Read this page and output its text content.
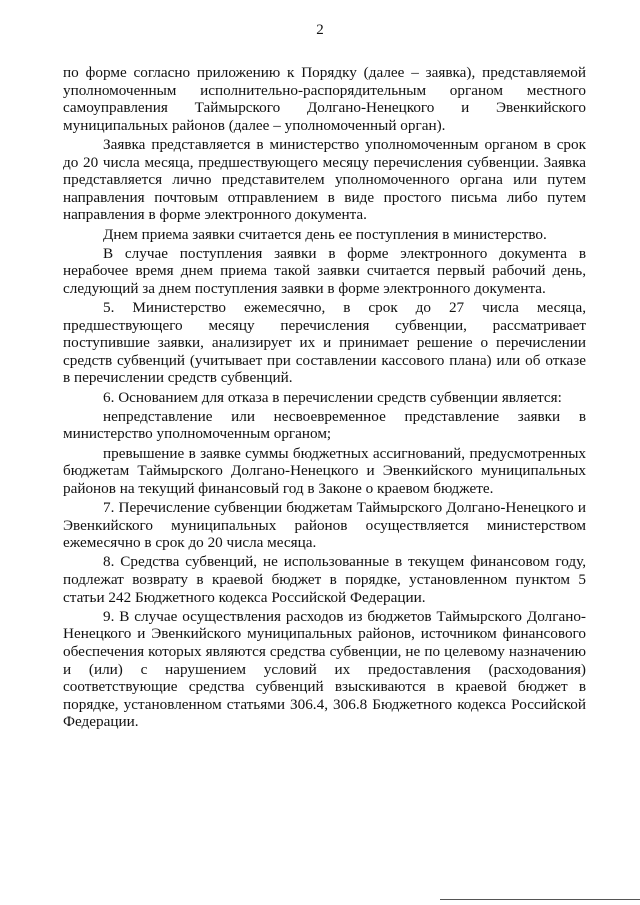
2

по форме согласно приложению к Порядку (далее – заявка), представляемой уполномоченным исполнительно-распорядительным органом местного самоуправления Таймырского Долгано-Ненецкого и Эвенкийского муниципальных районов (далее – уполномоченный орган).

Заявка представляется в министерство уполномоченным органом в срок до 20 числа месяца, предшествующего месяцу перечисления субвенции. Заявка представляется лично представителем уполномоченного органа или путем направления почтовым отправлением в виде простого письма либо путем направления в форме электронного документа.

Днем приема заявки считается день ее поступления в министерство.

В случае поступления заявки в форме электронного документа в нерабочее время днем приема такой заявки считается первый рабочий день, следующий за днем поступления заявки в форме электронного документа.

5. Министерство ежемесячно, в срок до 27 числа месяца, предшествующего месяцу перечисления субвенции, рассматривает поступившие заявки, анализирует их и принимает решение о перечислении средств субвенций (учитывает при составлении кассового плана) или об отказе в перечислении средств субвенций.

6. Основанием для отказа в перечислении средств субвенции является:

непредставление или несвоевременное представление заявки в министерство уполномоченным органом;

превышение в заявке суммы бюджетных ассигнований, предусмотренных бюджетам Таймырского Долгано-Ненецкого и Эвенкийского муниципальных районов на текущий финансовый год в Законе о краевом бюджете.

7. Перечисление субвенции бюджетам Таймырского Долгано-Ненецкого и Эвенкийского муниципальных районов осуществляется министерством ежемесячно в срок до 20 числа месяца.

8. Средства субвенций, не использованные в текущем финансовом году, подлежат возврату в краевой бюджет в порядке, установленном пунктом 5 статьи 242 Бюджетного кодекса Российской Федерации.

9. В случае осуществления расходов из бюджетов Таймырского Долгано-Ненецкого и Эвенкийского муниципальных районов, источником финансового обеспечения которых являются средства субвенции, не по целевому назначению и (или) с нарушением условий их предоставления (расходования) соответствующие средства субвенций взыскиваются в краевой бюджет в порядке, установленном статьями 306.4, 306.8 Бюджетного кодекса Российской Федерации.
